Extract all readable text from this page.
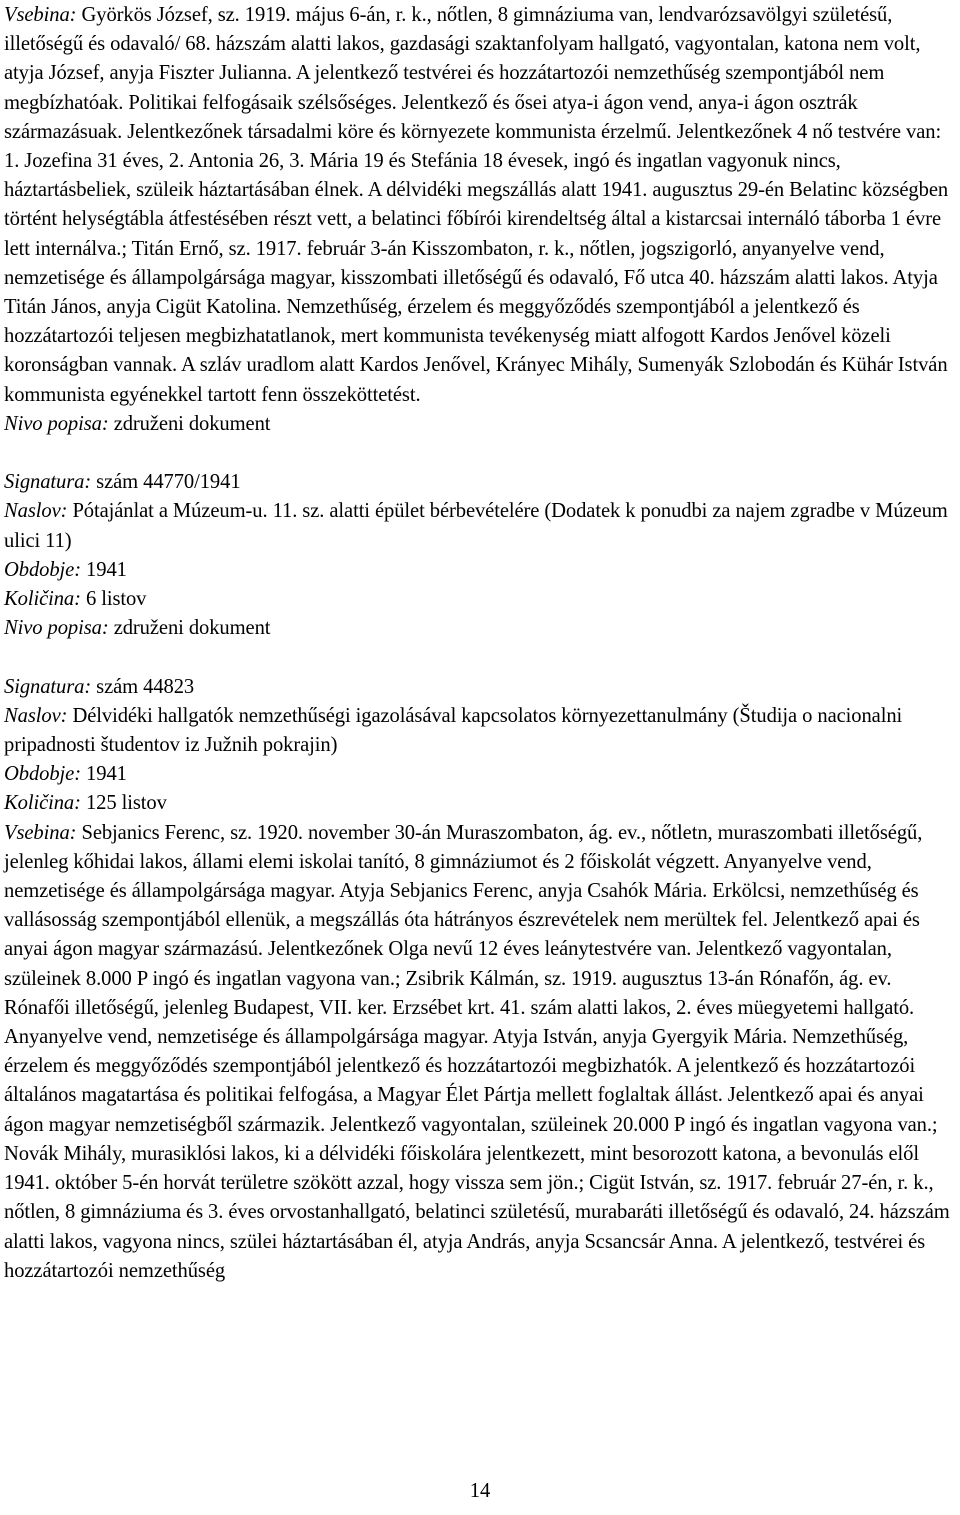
Vsebina: Györkös József, sz. 1919. május 6-án, r. k., nőtlen, 8 gimnáziuma van, lendvarózsavölgyi születésű, illetőségű és odavaló/ 68. házszám alatti lakos, gazdasági szaktanfolyam hallgató, vagyontalan, katona nem volt, atyja József, anyja Fiszter Julianna. A jelentkező testvérei és hozzátartozói nemzethűség szempontjából nem megbízhatóak. Politikai felfogásaik szélsőséges. Jelentkező és ősei atya-i ágon vend, anya-i ágon osztrák származásuak. Jelentkezőnek társadalmi köre és környezete kommunista érzelmű. Jelentkezőnek 4 nő testvére van: 1. Jozefina 31 éves, 2. Antonia 26, 3. Mária 19 és Stefánia 18 évesek, ingó és ingatlan vagyonuk nincs, háztartásbeliek, szüleik háztartásában élnek. A délvidéki megszállás alatt 1941. augusztus 29-én Belatinc községben történt helységtábla átfestésében részt vett, a belatinci főbírói kirendeltség által a kistarcsai internáló táborba 1 évre lett internálva.; Titán Ernő, sz. 1917. február 3-án Kisszombaton, r. k., nőtlen, jogszigorló, anyanyelve vend, nemzetisége és állampolgársága magyar, kisszombati illetőségű és odavaló, Fő utca 40. házszám alatti lakos. Atyja Titán János, anyja Cigüt Katolina. Nemzethűség, érzelem és meggyőződés szempontjából a jelentkező és hozzátartozói teljesen megbizhatatlanok, mert kommunista tevékenység miatt alfogott Kardos Jenővel közeli koronságban vannak. A szláv uradlom alatt Kardos Jenővel, Krányec Mihály, Sumenyák Szlobodán és Kühár István kommunista egyénekkel tartott fenn összeköttetést.

Nivo popisa: združeni dokument

Signatura: szám 44770/1941

Naslov: Pótajánlat a Múzeum-u. 11. sz. alatti épület bérbevételére (Dodatek k ponudbi za najem zgradbe v Múzeum ulici 11)

Obdobje: 1941

Količina: 6 listov

Nivo popisa: združeni dokument

Signatura: szám 44823

Naslov: Délvidéki hallgatók nemzethűségi igazolásával kapcsolatos környezettanulmány (Študija o nacionalni pripadnosti študentov iz Južnih pokrajin)

Obdobje: 1941

Količina: 125 listov

Vsebina: Sebjanics Ferenc, sz. 1920. november 30-án Muraszombaton, ág. ev., nőtletn, muraszombati illetőségű, jelenleg kőhidai lakos, állami elemi iskolai tanító, 8 gimnáziumot és 2 főiskolát végzett. Anyanyelve vend, nemzetisége és állampolgársága magyar. Atyja Sebjanics Ferenc, anyja Csahók Mária. Erkölcsi, nemzethűség és vallásosság szempontjából ellenük, a megszállás óta hátrányos észrevételek nem merültek fel. Jelentkező apai és anyai ágon magyar származású. Jelentkezőnek Olga nevű 12 éves leánytestvére van. Jelentkező vagyontalan, szüleinek 8.000 P ingó és ingatlan vagyona van.; Zsibrik Kálmán, sz. 1919. augusztus 13-án Rónafőn, ág. ev. Rónafői illetőségű, jelenleg Budapest, VII. ker. Erzsébet krt. 41. szám alatti lakos, 2. éves müegyetemi hallgató. Anyanyelve vend, nemzetisége és állampolgársága magyar. Atyja István, anyja Gyergyik Mária. Nemzethűség, érzelem és meggyőződés szempontjából jelentkező és hozzátartozói megbizhatók. A jelentkező és hozzátartozói általános magatartása és politikai felfogása, a Magyar Élet Pártja mellett foglaltak állást. Jelentkező apai és anyai ágon magyar nemzetiségből származik. Jelentkező vagyontalan, szüleinek 20.000 P ingó és ingatlan vagyona van.; Novák Mihály, murasiklósi lakos, ki a délvidéki főiskolára jelentkezett, mint besorozott katona, a bevonulás elől 1941. október 5-én horvát területre szökött azzal, hogy vissza sem jön.; Cigüt István, sz. 1917. február 27-én, r. k., nőtlen, 8 gimnáziuma és 3. éves orvostanhallgató, belatinci születésű, murabaráti illetőségű és odavaló, 24. házszám alatti lakos, vagyona nincs, szülei háztartásában él, atyja András, anyja Scsancsár Anna. A jelentkező, testvérei és hozzátartozói nemzethűség

14
